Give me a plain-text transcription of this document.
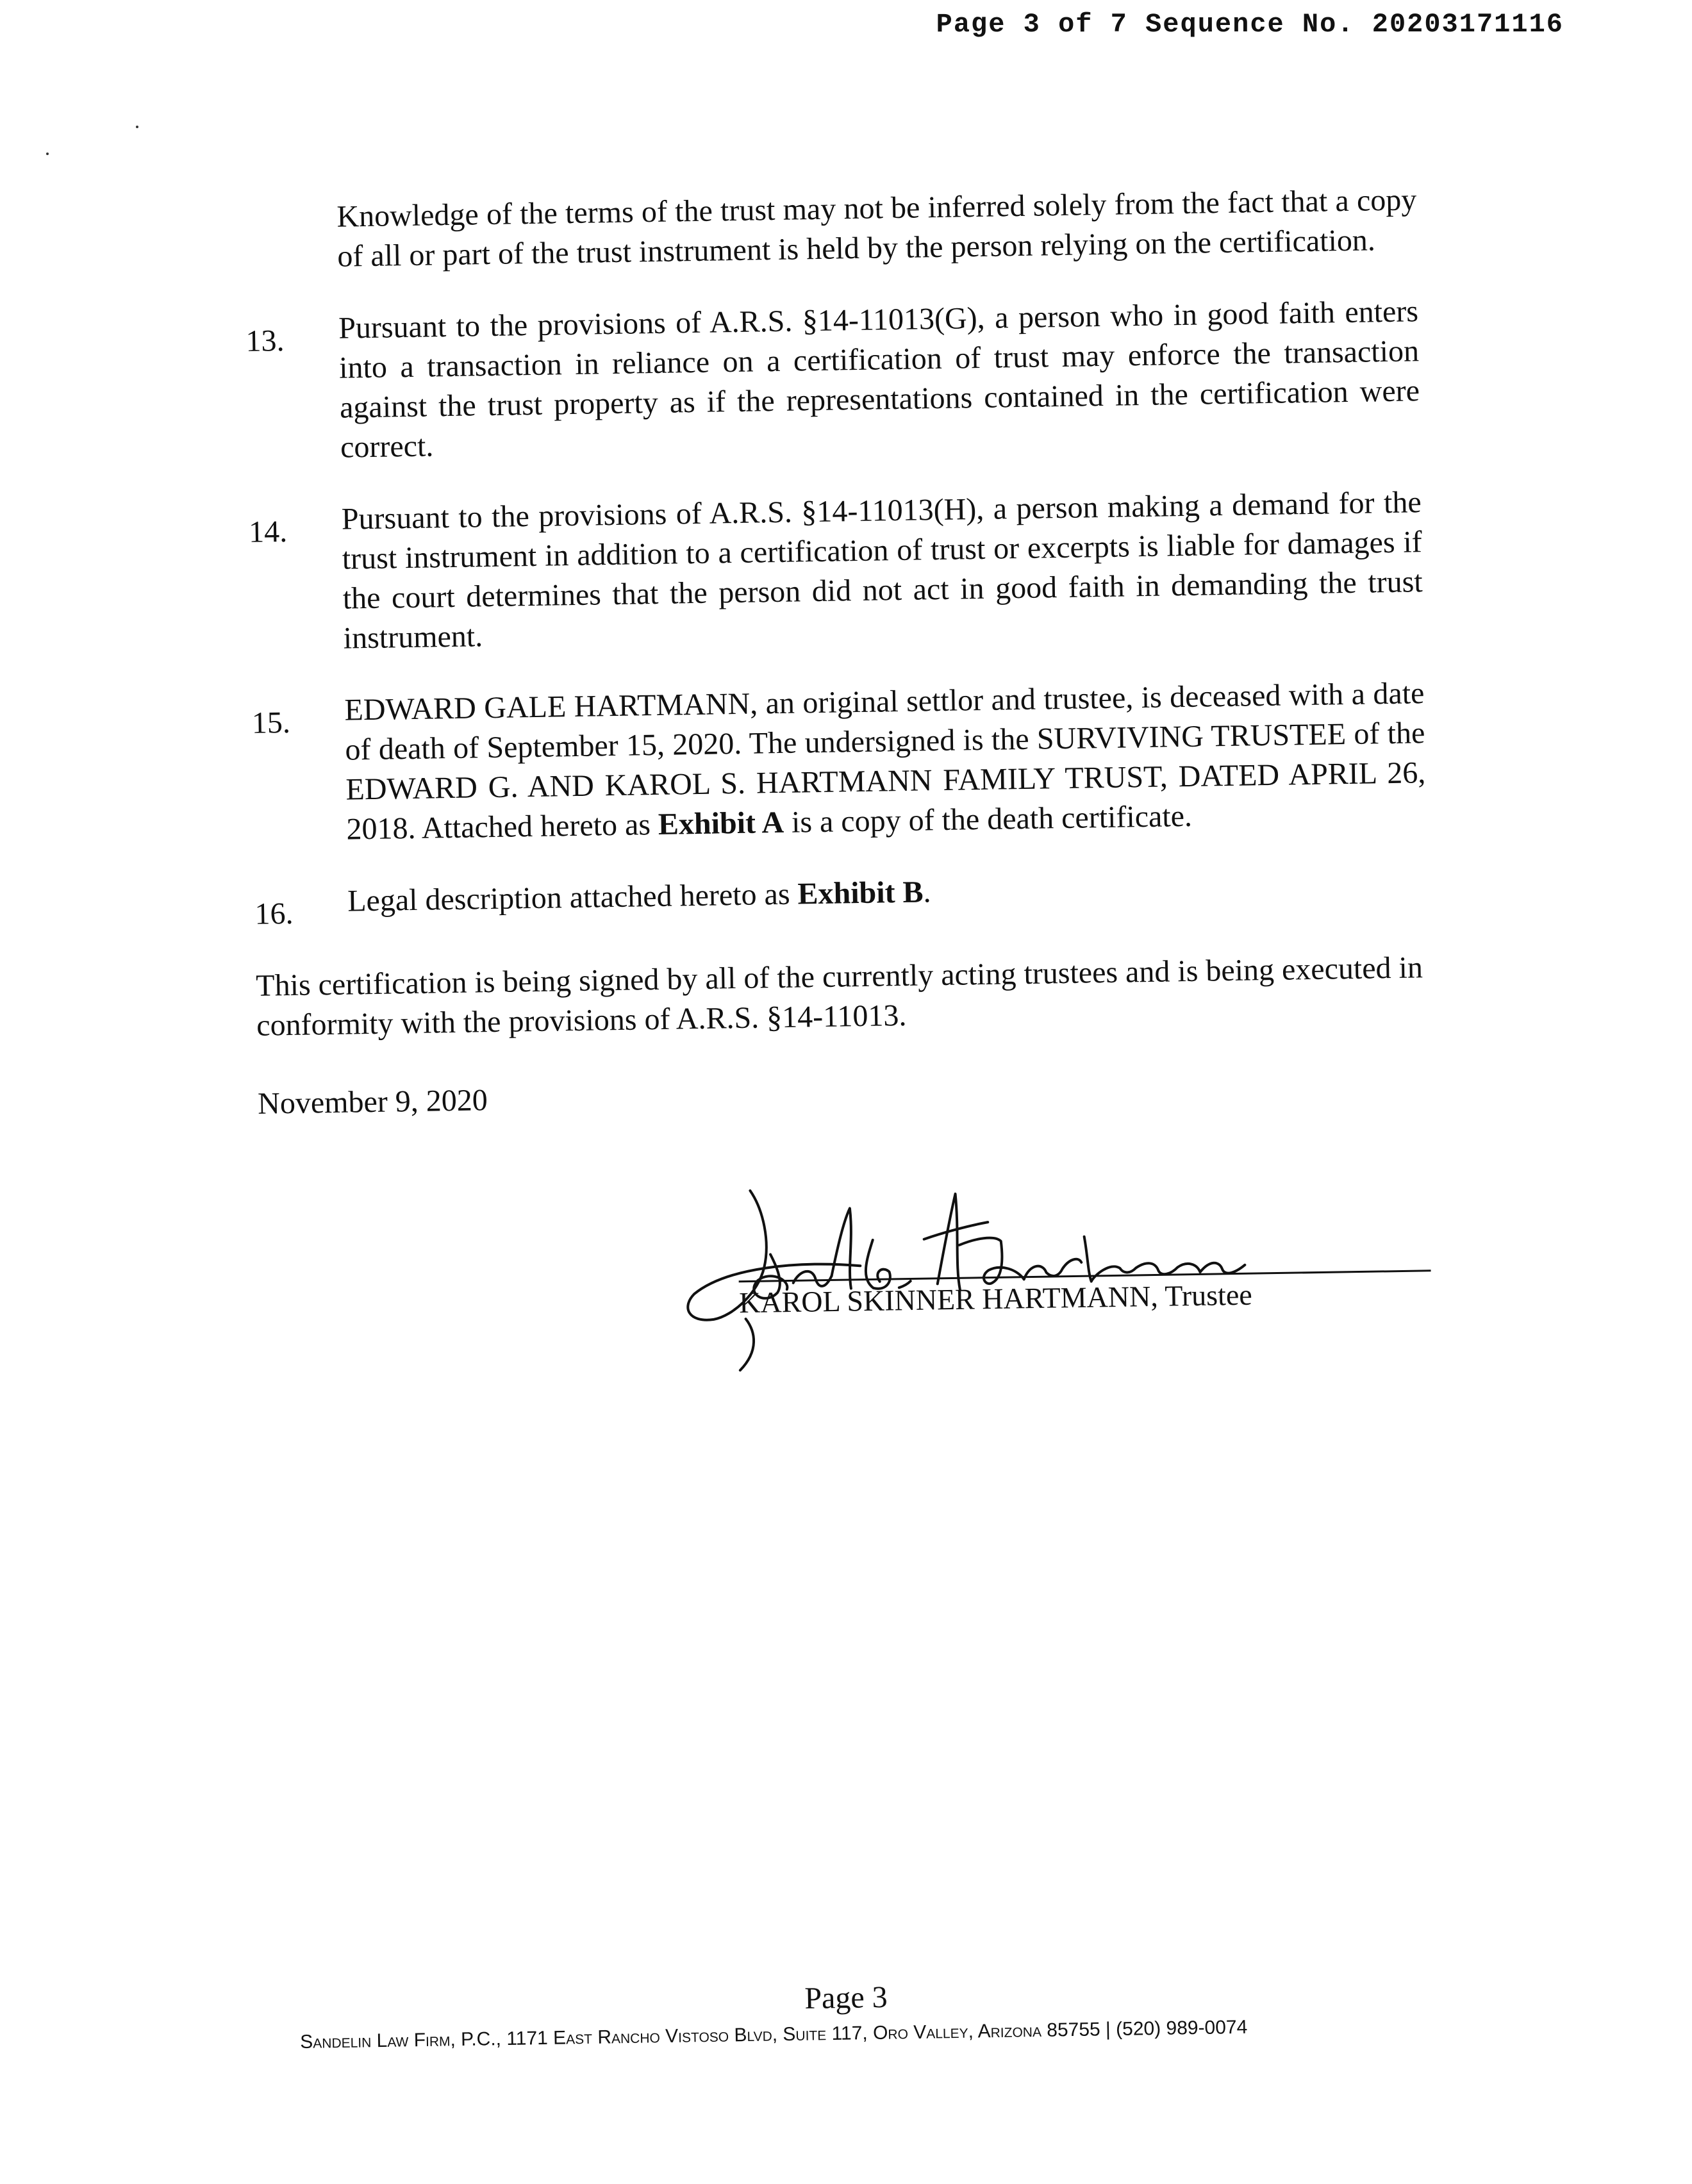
Page 3 of 7 Sequence No. 20203171116
Knowledge of the terms of the trust may not be inferred solely from the fact that a copy of all or part of the trust instrument is held by the person relying on the certification.
13.	Pursuant to the provisions of A.R.S. §14-11013(G), a person who in good faith enters into a transaction in reliance on a certification of trust may enforce the transaction against the trust property as if the representations contained in the certification were correct.
14.	Pursuant to the provisions of A.R.S. §14-11013(H), a person making a demand for the trust instrument in addition to a certification of trust or excerpts is liable for damages if the court determines that the person did not act in good faith in demanding the trust instrument.
15.	EDWARD GALE HARTMANN, an original settlor and trustee, is deceased with a date of death of September 15, 2020. The undersigned is the SURVIVING TRUSTEE of the EDWARD G. AND KAROL S. HARTMANN FAMILY TRUST, DATED APRIL 26, 2018. Attached hereto as Exhibit A is a copy of the death certificate.
16.	Legal description attached hereto as Exhibit B.
This certification is being signed by all of the currently acting trustees and is being executed in conformity with the provisions of A.R.S. §14-11013.
November 9, 2020
KAROL SKINNER HARTMANN, Trustee
Page 3
Sandelin Law Firm, P.C., 1171 East Rancho Vistoso Blvd, Suite 117, Oro Valley, Arizona 85755 | (520) 989-0074
